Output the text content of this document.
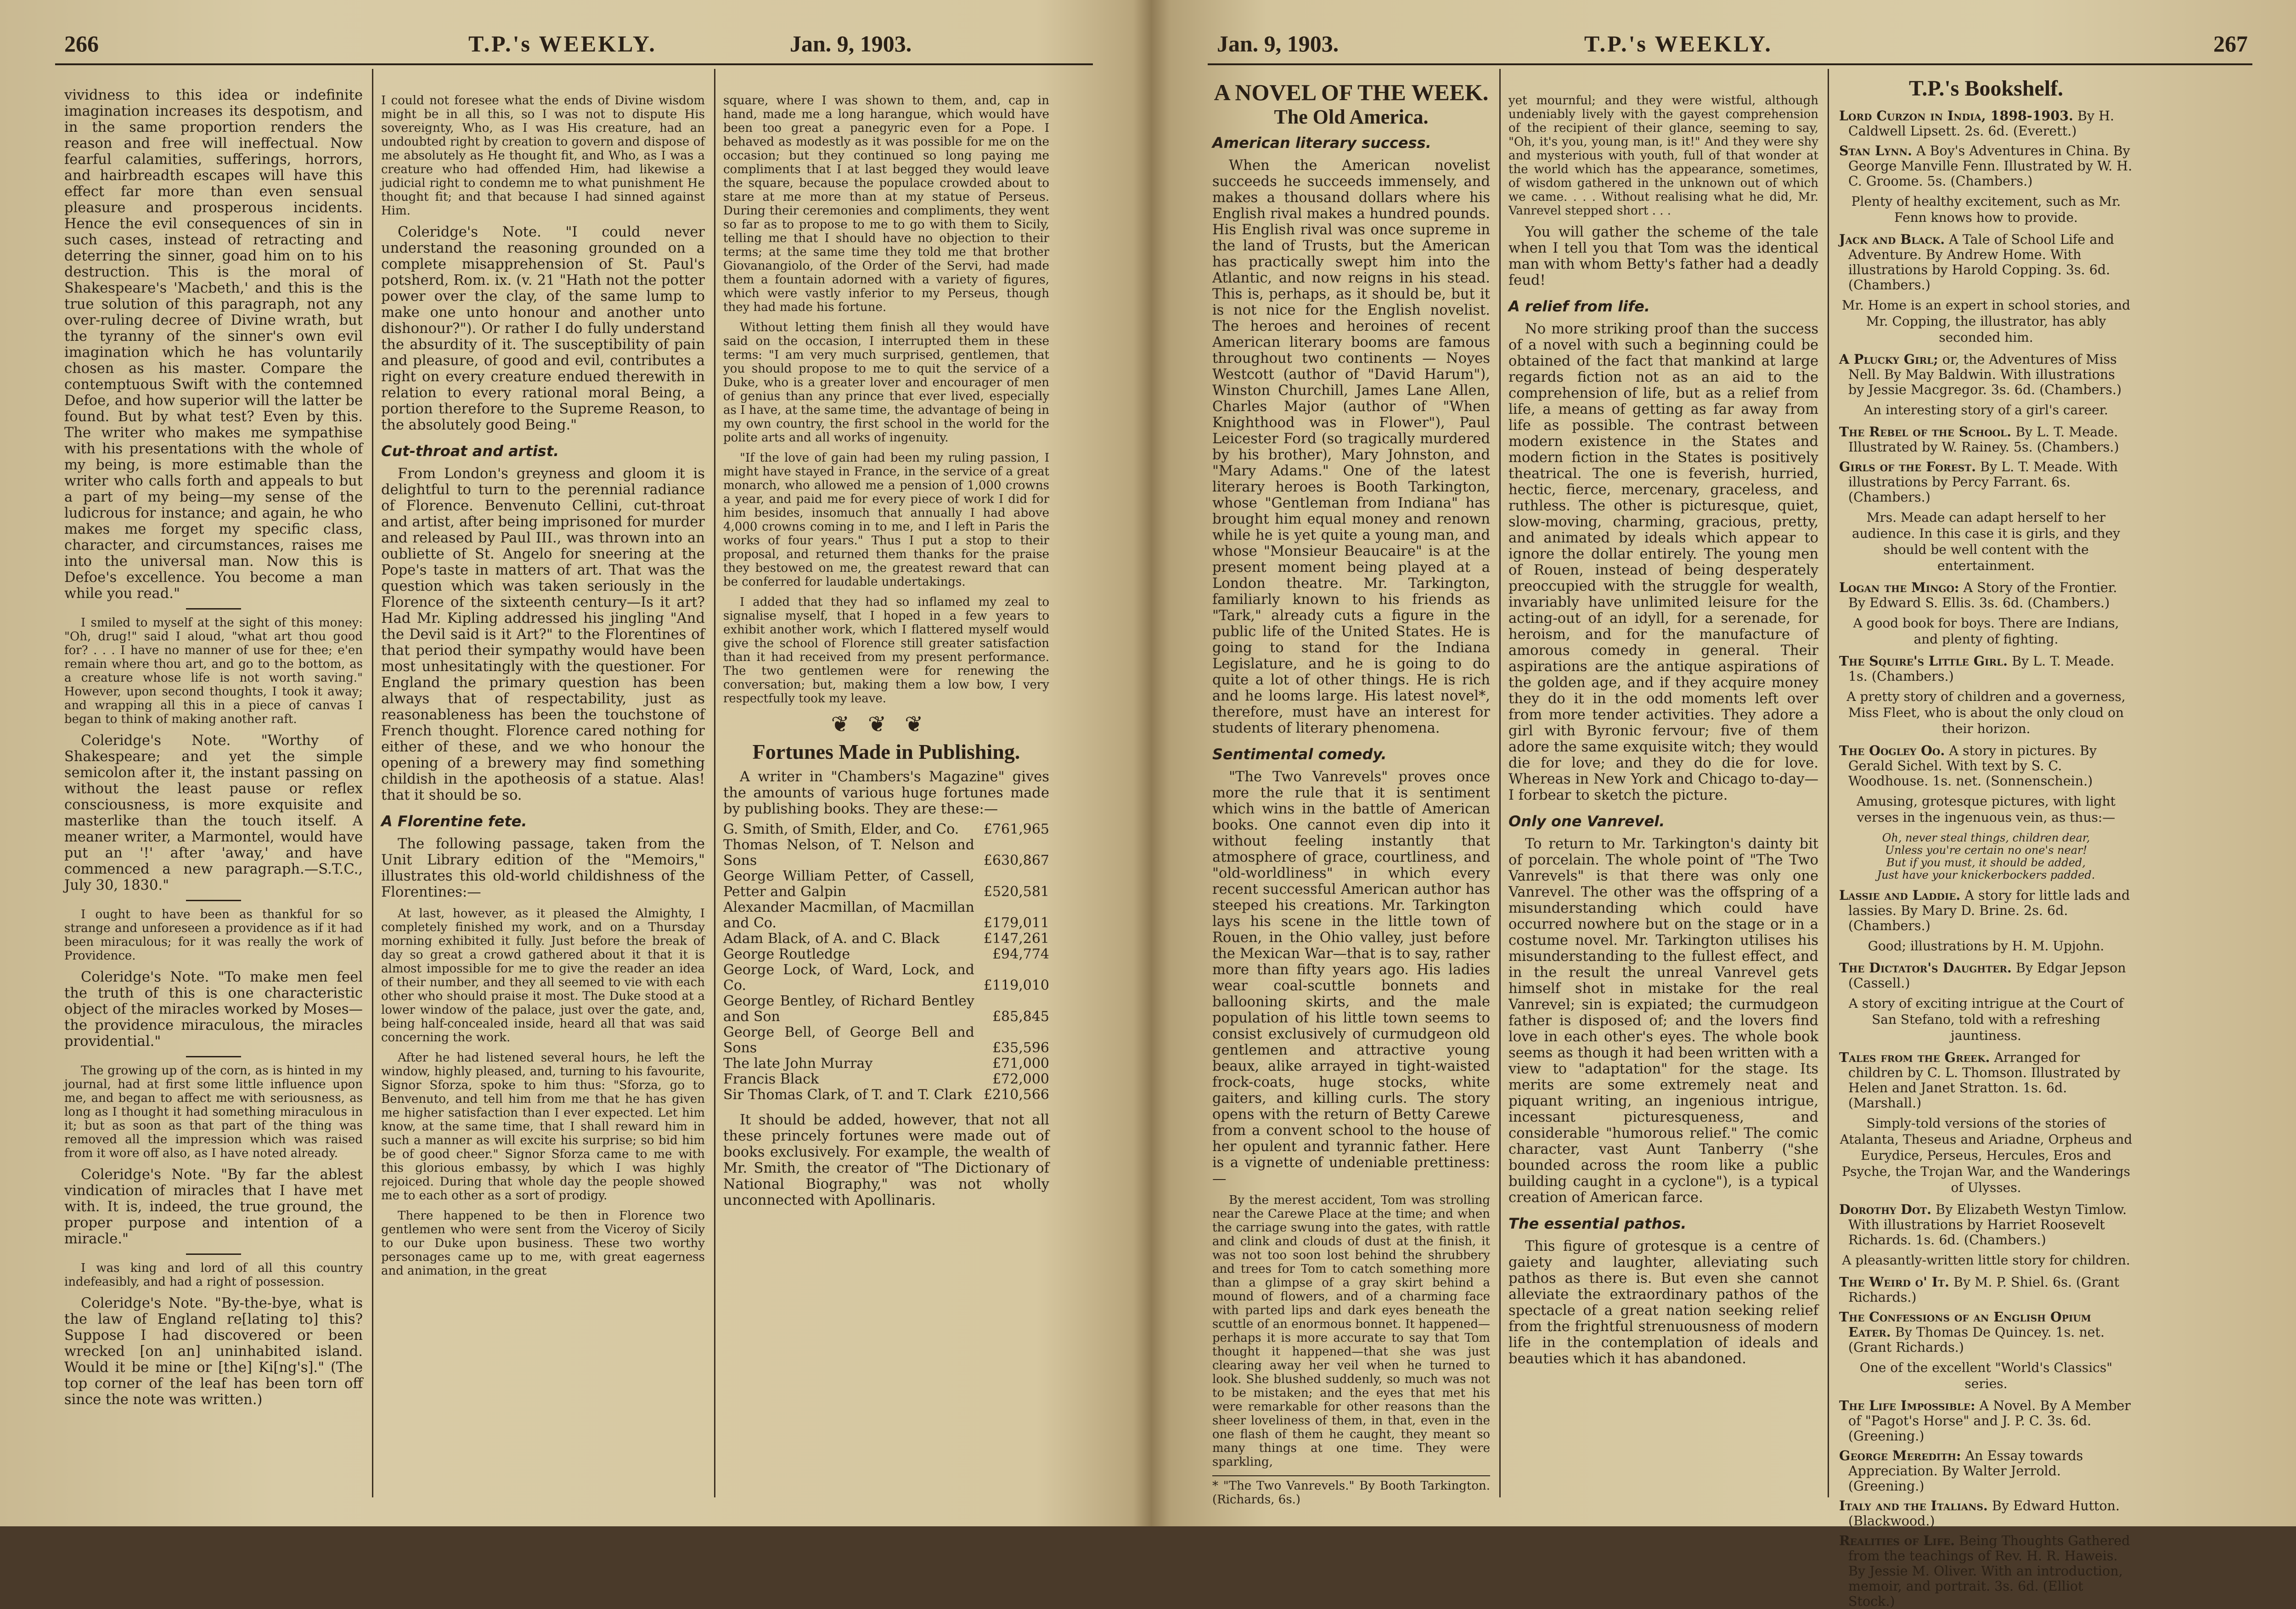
266	T.P.'s WEEKLY.	Jan. 9, 1903.

vividness to this idea or indefinite imagination increases its despotism, and in the same proportion renders the reason and free will ineffectual. Now fearful calamities, sufferings, horrors, and hairbreadth escapes will have this effect far more than even sensual pleasure and prosperous incidents. Hence the evil consequences of sin in such cases, instead of retracting and deterring the sinner, goad him on to his destruction. This is the moral of Shakespeare's 'Macbeth,' and this is the true solution of this paragraph, not any over-ruling decree of Divine wrath, but the tyranny of the sinner's own evil imagination which he has voluntarily chosen as his master. Compare the contemptuous Swift with the contemned Defoe, and how superior will the latter be found. But by what test? Even by this. The writer who makes me sympathise with his presentations with the whole of my being, is more estimable than the writer who calls forth and appeals to but a part of my being—my sense of the ludicrous for instance; and again, he who makes me forget my specific class, character, and circumstances, raises me into the universal man. Now this is Defoe's excellence. You become a man while you read."

I smiled to myself at the sight of this money: "Oh, drug!" said I aloud, "what art thou good for? . . . I have no manner of use for thee; e'en remain where thou art, and go to the bottom, as a creature whose life is not worth saving." However, upon second thoughts, I took it away; and wrapping all this in a piece of canvas I began to think of making another raft.

Coleridge's Note. "Worthy of Shakespeare; and yet the simple semicolon after it, the instant passing on without the least pause or reflex consciousness, is more exquisite and masterlike than the touch itself. A meaner writer, a Marmontel, would have put an '!' after 'away,' and have commenced a new paragraph.—S.T.C., July 30, 1830."

I ought to have been as thankful for so strange and unforeseen a providence as if it had been miraculous; for it was really the work of Providence.

Coleridge's Note. "To make men feel the truth of this is one characteristic object of the miracles worked by Moses—the providence miraculous, the miracles providential."

The growing up of the corn, as is hinted in my journal, had at first some little influence upon me, and began to affect me with seriousness, as long as I thought it had something miraculous in it; but as soon as that part of the thing was removed all the impression which was raised from it wore off also, as I have noted already.

Coleridge's Note. "By far the ablest vindication of miracles that I have met with. It is, indeed, the true ground, the proper purpose and intention of a miracle."

I was king and lord of all this country indefeasibly, and had a right of possession.

Coleridge's Note. "By-the-bye, what is the law of England re[lating to] this? Suppose I had discovered or been wrecked [on an] uninhabited island. Would it be mine or [the] Ki[ng's]." (The top corner of the leaf has been torn off since the note was written.)

I could not foresee what the ends of Divine wisdom might be in all this, so I was not to dispute His sovereignty, Who, as I was His creature, had an undoubted right by creation to govern and dispose of me absolutely as He thought fit, and Who, as I was a creature who had offended Him, had likewise a judicial right to condemn me to what punishment He thought fit; and that because I had sinned against Him.

Coleridge's Note. "I could never understand the reasoning grounded on a complete misapprehension of St. Paul's potsherd, Rom. ix. (v. 21 "Hath not the potter power over the clay, of the same lump to make one unto honour and another unto dishonour?"). Or rather I do fully understand the absurdity of it. The susceptibility of pain and pleasure, of good and evil, contributes a right on every creature endued therewith in relation to every rational moral Being, a portion therefore to the Supreme Reason, to the absolutely good Being."

Cut-throat and artist.

From London's greyness and gloom it is delightful to turn to the perennial radiance of Florence. Benvenuto Cellini, cut-throat and artist, after being imprisoned for murder and released by Paul III., was thrown into an oubliette of St. Angelo for sneering at the Pope's taste in matters of art. That was the question which was taken seriously in the Florence of the sixteenth century—Is it art? Had Mr. Kipling addressed his jingling "And the Devil said is it Art?" to the Florentines of that period their sympathy would have been most unhesitatingly with the questioner. For England the primary question has been always that of respectability, just as reasonableness has been the touchstone of French thought. Florence cared nothing for either of these, and we who honour the opening of a brewery may find something childish in the apotheosis of a statue. Alas! that it should be so.

A Florentine fete.

The following passage, taken from the Unit Library edition of the "Memoirs," illustrates this old-world childishness of the Florentines:—

At last, however, as it pleased the Almighty, I completely finished my work, and on a Thursday morning exhibited it fully. Just before the break of day so great a crowd gathered about it that it is almost impossible for me to give the reader an idea of their number, and they all seemed to vie with each other who should praise it most. The Duke stood at a lower window of the palace, just over the gate, and, being half-concealed inside, heard all that was said concerning the work.

After he had listened several hours, he left the window, highly pleased, and, turning to his favourite, Signor Sforza, spoke to him thus: "Sforza, go to Benvenuto, and tell him from me that he has given me higher satisfaction than I ever expected. Let him know, at the same time, that I shall reward him in such a manner as will excite his surprise; so bid him be of good cheer." Signor Sforza came to me with this glorious embassy, by which I was highly rejoiced. During that whole day the people showed me to each other as a sort of prodigy.

There happened to be then in Florence two gentlemen who were sent from the Viceroy of Sicily to our Duke upon business. These two worthy personages came up to me, with great eagerness and animation, in the great

square, where I was shown to them, and, cap in hand, made me a long harangue, which would have been too great a panegyric even for a Pope. I behaved as modestly as it was possible for me on the occasion; but they continued so long paying me compliments that I at last begged they would leave the square, because the populace crowded about to stare at me more than at my statue of Perseus. During their ceremonies and compliments, they went so far as to propose to me to go with them to Sicily, telling me that I should have no objection to their terms; at the same time they told me that brother Giovanangiolo, of the Order of the Servi, had made them a fountain adorned with a variety of figures, which were vastly inferior to my Perseus, though they had made his fortune.

Without letting them finish all they would have said on the occasion, I interrupted them in these terms: "I am very much surprised, gentlemen, that you should propose to me to quit the service of a Duke, who is a greater lover and encourager of men of genius than any prince that ever lived, especially as I have, at the same time, the advantage of being in my own country, the first school in the world for the polite arts and all works of ingenuity.

"If the love of gain had been my ruling passion, I might have stayed in France, in the service of a great monarch, who allowed me a pension of 1,000 crowns a year, and paid me for every piece of work I did for him besides, insomuch that annually I had above 4,000 crowns coming in to me, and I left in Paris the works of four years." Thus I put a stop to their proposal, and returned them thanks for the praise they bestowed on me, the greatest reward that can be conferred for laudable undertakings.

I added that they had so inflamed my zeal to signalise myself, that I hoped in a few years to exhibit another work, which I flattered myself would give the school of Florence still greater satisfaction than it had received from my present performance. The two gentlemen were for renewing the conversation; but, making them a low bow, I very respectfully took my leave.

❦❦❦
Fortunes Made in Publishing.

A writer in "Chambers's Magazine" gives the amounts of various huge fortunes made by publishing books. They are these:—

G. Smith, of Smith, Elder, and Co.	£761,965
Thomas Nelson, of T. Nelson and Sons	£630,867
George William Petter, of Cassell, Petter and Galpin	£520,581
Alexander Macmillan, of Macmillan and Co.	£179,011
Adam Black, of A. and C. Black	£147,261
George Routledge	£94,774
George Lock, of Ward, Lock, and Co.	£119,010
George Bentley, of Richard Bentley and Son	£85,845
George Bell, of George Bell and Sons	£35,596
The late John Murray	£71,000
Francis Black	£72,000
Sir Thomas Clark, of T. and T. Clark	£210,566

It should be added, however, that not all these princely fortunes were made out of books exclusively. For example, the wealth of Mr. Smith, the creator of "The Dictionary of National Biography," was not wholly unconnected with Apollinaris.

Jan. 9, 1903.	T.P.'s WEEKLY.	267
A NOVEL OF THE WEEK.
The Old America.
American literary success.

When the American novelist succeeds he succeeds immensely, and makes a thousand dollars where his English rival makes a hundred pounds. His English rival was once supreme in the land of Trusts, but the American has practically swept him into the Atlantic, and now reigns in his stead. This is, perhaps, as it should be, but it is not nice for the English novelist. The heroes and heroines of recent American literary booms are famous throughout two continents — Noyes Westcott (author of "David Harum"), Winston Churchill, James Lane Allen, Charles Major (author of "When Knighthood was in Flower"), Paul Leicester Ford (so tragically murdered by his brother), Mary Johnston, and "Mary Adams." One of the latest literary heroes is Booth Tarkington, whose "Gentleman from Indiana" has brought him equal money and renown while he is yet quite a young man, and whose "Monsieur Beaucaire" is at the present moment being played at a London theatre. Mr. Tarkington, familiarly known to his friends as "Tark," already cuts a figure in the public life of the United States. He is going to stand for the Indiana Legislature, and he is going to do quite a lot of other things. He is rich and he looms large. His latest novel*, therefore, must have an interest for students of literary phenomena.

Sentimental comedy.

"The Two Vanrevels" proves once more the rule that it is sentiment which wins in the battle of American books. One cannot even dip into it without feeling instantly that atmosphere of grace, courtliness, and "old-worldliness" in which every recent successful American author has steeped his creations. Mr. Tarkington lays his scene in the little town of Rouen, in the Ohio valley, just before the Mexican War—that is to say, rather more than fifty years ago. His ladies wear coal-scuttle bonnets and ballooning skirts, and the male population of his little town seems to consist exclusively of curmudgeon old gentlemen and attractive young beaux, alike arrayed in tight-waisted frock-coats, huge stocks, white gaiters, and killing curls. The story opens with the return of Betty Carewe from a convent school to the house of her opulent and tyrannic father. Here is a vignette of undeniable prettiness:—

By the merest accident, Tom was strolling near the Carewe Place at the time; and when the carriage swung into the gates, with rattle and clink and clouds of dust at the finish, it was not too soon lost behind the shrubbery and trees for Tom to catch something more than a glimpse of a gray skirt behind a mound of flowers, and of a charming face with parted lips and dark eyes beneath the scuttle of an enormous bonnet. It happened—perhaps it is more accurate to say that Tom thought it happened—that she was just clearing away her veil when he turned to look. She blushed suddenly, so much was not to be mistaken; and the eyes that met his were remarkable for other reasons than the sheer loveliness of them, in that, even in the one flash of them he caught, they meant so many things at one time. They were sparkling,

* "The Two Vanrevels." By Booth Tarkington. (Richards, 6s.)

yet mournful; and they were wistful, although undeniably lively with the gayest comprehension of the recipient of their glance, seeming to say, "Oh, it's you, young man, is it!" And they were shy and mysterious with youth, full of that wonder at the world which has the appearance, sometimes, of wisdom gathered in the unknown out of which we came. . . . Without realising what he did, Mr. Vanrevel stepped short . . .

You will gather the scheme of the tale when I tell you that Tom was the identical man with whom Betty's father had a deadly feud!

A relief from life.

No more striking proof than the success of a novel with such a beginning could be obtained of the fact that mankind at large regards fiction not as an aid to the comprehension of life, but as a relief from life, a means of getting as far away from life as possible. The contrast between modern existence in the States and modern fiction in the States is positively theatrical. The one is feverish, hurried, hectic, fierce, mercenary, graceless, and ruthless. The other is picturesque, quiet, slow-moving, charming, gracious, pretty, and animated by ideals which appear to ignore the dollar entirely. The young men of Rouen, instead of being desperately preoccupied with the struggle for wealth, invariably have unlimited leisure for the acting-out of an idyll, for a serenade, for heroism, and for the manufacture of amorous comedy in general. Their aspirations are the antique aspirations of the golden age, and if they acquire money they do it in the odd moments left over from more tender activities. They adore a girl with Byronic fervour; five of them adore the same exquisite witch; they would die for love; and they do die for love. Whereas in New York and Chicago to-day—I forbear to sketch the picture.

Only one Vanrevel.

To return to Mr. Tarkington's dainty bit of porcelain. The whole point of "The Two Vanrevels" is that there was only one Vanrevel. The other was the offspring of a misunderstanding which could have occurred nowhere but on the stage or in a costume novel. Mr. Tarkington utilises his misunderstanding to the fullest effect, and in the result the unreal Vanrevel gets himself shot in mistake for the real Vanrevel; sin is expiated; the curmudgeon father is disposed of; and the lovers find love in each other's eyes. The whole book seems as though it had been written with a view to "adaptation" for the stage. Its merits are some extremely neat and piquant writing, an ingenious intrigue, incessant picturesqueness, and considerable "humorous relief." The comic character, vast Aunt Tanberry ("she bounded across the room like a public building caught in a cyclone"), is a typical creation of American farce.

The essential pathos.

This figure of grotesque is a centre of gaiety and laughter, alleviating such pathos as there is. But even she cannot alleviate the extraordinary pathos of the spectacle of a great nation seeking relief from the frightful strenuousness of modern life in the contemplation of ideals and beauties which it has abandoned.

T.P.'s Bookshelf.
Lord Curzon in India, 1898-1903. By H. Caldwell Lipsett. 2s. 6d. (Everett.)
Stan Lynn. A Boy's Adventures in China. By George Manville Fenn. Illustrated by W. H. C. Groome. 5s. (Chambers.)
Plenty of healthy excitement, such as Mr. Fenn knows how to provide.
Jack and Black. A Tale of School Life and Adventure. By Andrew Home. With illustrations by Harold Copping. 3s. 6d. (Chambers.)
Mr. Home is an expert in school stories, and Mr. Copping, the illustrator, has ably seconded him.
A Plucky Girl; or, the Adventures of Miss Nell. By May Baldwin. With illustrations by Jessie Macgregor. 3s. 6d. (Chambers.)
An interesting story of a girl's career.
The Rebel of the School. By L. T. Meade. Illustrated by W. Rainey. 5s. (Chambers.)
Girls of the Forest. By L. T. Meade. With illustrations by Percy Farrant. 6s. (Chambers.)
Mrs. Meade can adapt herself to her audience. In this case it is girls, and they should be well content with the entertainment.
Logan the Mingo: A Story of the Frontier. By Edward S. Ellis. 3s. 6d. (Chambers.)
A good book for boys. There are Indians, and plenty of fighting.
The Squire's Little Girl. By L. T. Meade. 1s. (Chambers.)
A pretty story of children and a governess, Miss Fleet, who is about the only cloud on their horizon.
The Oogley Oo. A story in pictures. By Gerald Sichel. With text by S. C. Woodhouse. 1s. net. (Sonnenschein.)
Amusing, grotesque pictures, with light verses in the ingenuous vein, as thus:—
Oh, never steal things, children dear,
Unless you're certain no one's near!
But if you must, it should be added,
Just have your knickerbockers padded.
Lassie and Laddie. A story for little lads and lassies. By Mary D. Brine. 2s. 6d. (Chambers.)
Good; illustrations by H. M. Upjohn.
The Dictator's Daughter. By Edgar Jepson (Cassell.)
A story of exciting intrigue at the Court of San Stefano, told with a refreshing jauntiness.
Tales from the Greek. Arranged for children by C. L. Thomson. Illustrated by Helen and Janet Stratton. 1s. 6d. (Marshall.)
Simply-told versions of the stories of Atalanta, Theseus and Ariadne, Orpheus and Eurydice, Perseus, Hercules, Eros and Psyche, the Trojan War, and the Wanderings of Ulysses.
Dorothy Dot. By Elizabeth Westyn Timlow. With illustrations by Harriet Roosevelt Richards. 1s. 6d. (Chambers.)
A pleasantly-written little story for children.
The Weird o' It. By M. P. Shiel. 6s. (Grant Richards.)
The Confessions of an English Opium Eater. By Thomas De Quincey. 1s. net. (Grant Richards.)
One of the excellent "World's Classics" series.
The Life Impossible: A Novel. By A Member of "Pagot's Horse" and J. P. C. 3s. 6d. (Greening.)
George Meredith: An Essay towards Appreciation. By Walter Jerrold. (Greening.)
Italy and the Italians. By Edward Hutton. (Blackwood.)
Realities of Life. Being Thoughts Gathered from the teachings of Rev. H. R. Haweis. By Jessie M. Oliver. With an introduction, memoir, and portrait. 3s. 6d. (Elliot Stock.)
